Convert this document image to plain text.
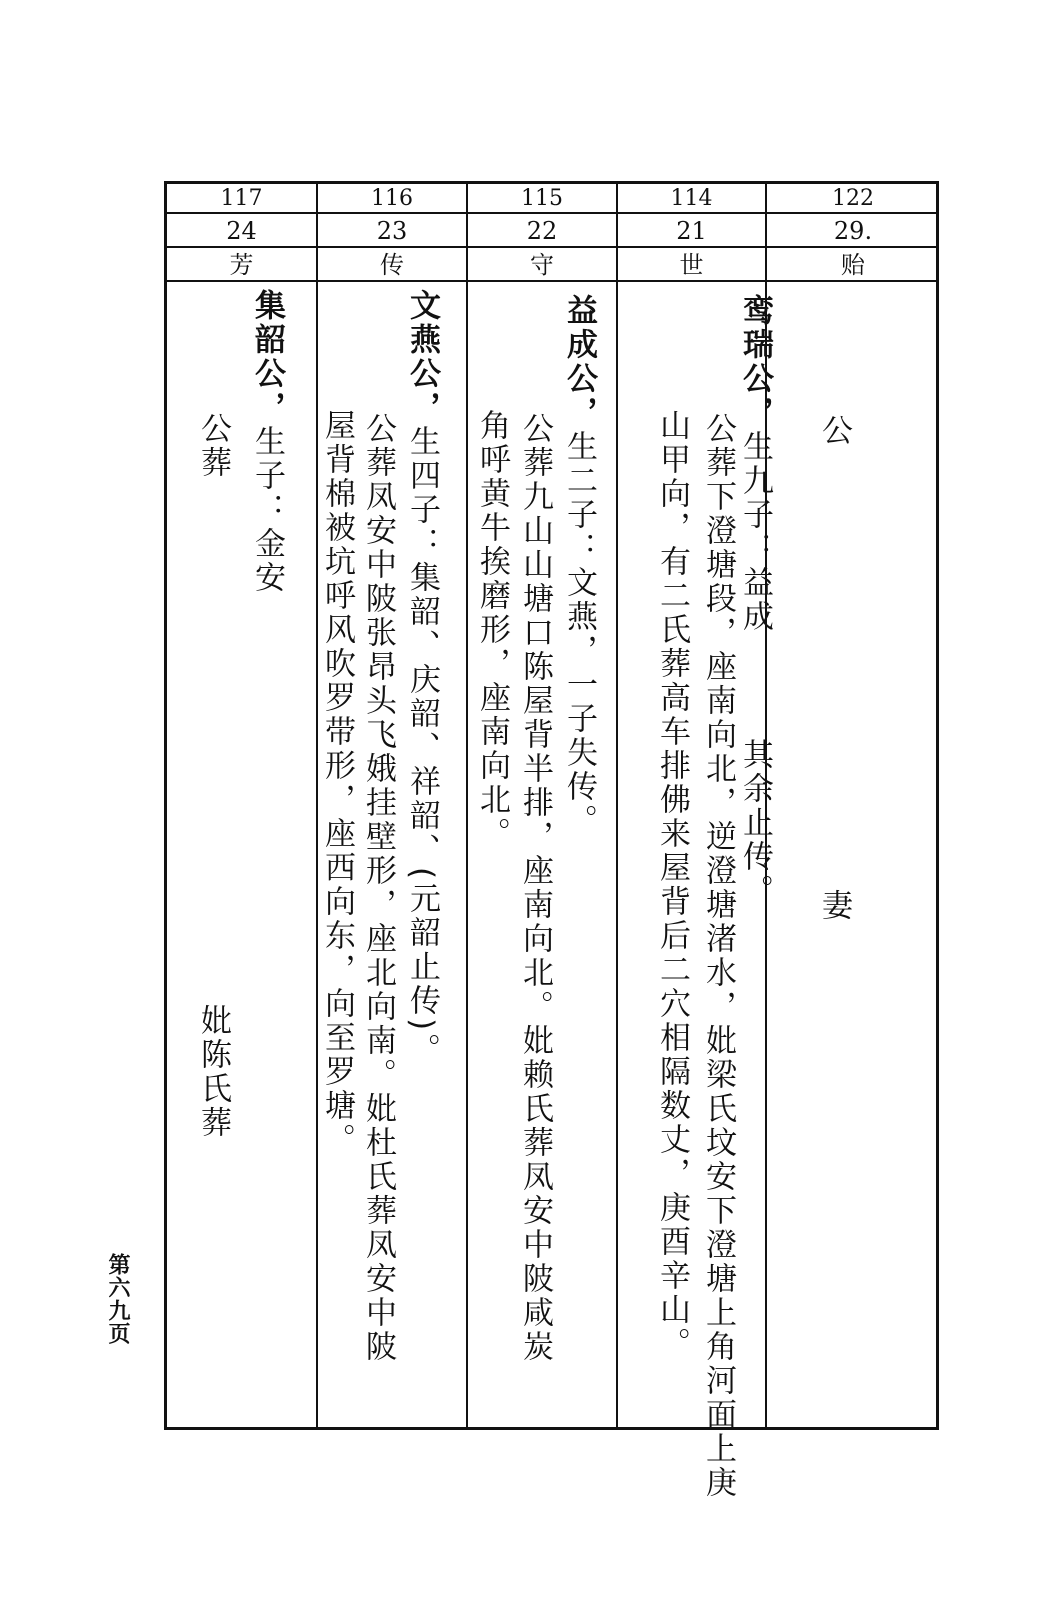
117
24
芳
集韶公，生子：金安
公葬
妣陈氏葬
116
23
传
文燕公，生四子：集韶、庆韶、祥韶、(元韶止传)。
公葬凤安中陂张昂头飞娥挂壁形，座北向南。妣杜氏葬凤安中陂
屋背棉被坑呼风吹罗带形，座西向东，向至罗塘。
115
22
守
益成公，生二子：文燕，一子失传。
公葬九山山塘口陈屋背半排，座南向北。妣赖氏葬凤安中陂咸炭
角呼黄牛挨磨形，座南向北。
114
21
世
鸾瑞公，生九子：益成其余止传。
公葬下澄塘段，座南向北，逆澄塘渚水，妣梁氏坟安下澄塘上角河面上庚
山甲向，有二氏葬高车排佛来屋背后二穴相隔数丈，庚酉辛山。
122
29.
贻
公
妻
第六九页
